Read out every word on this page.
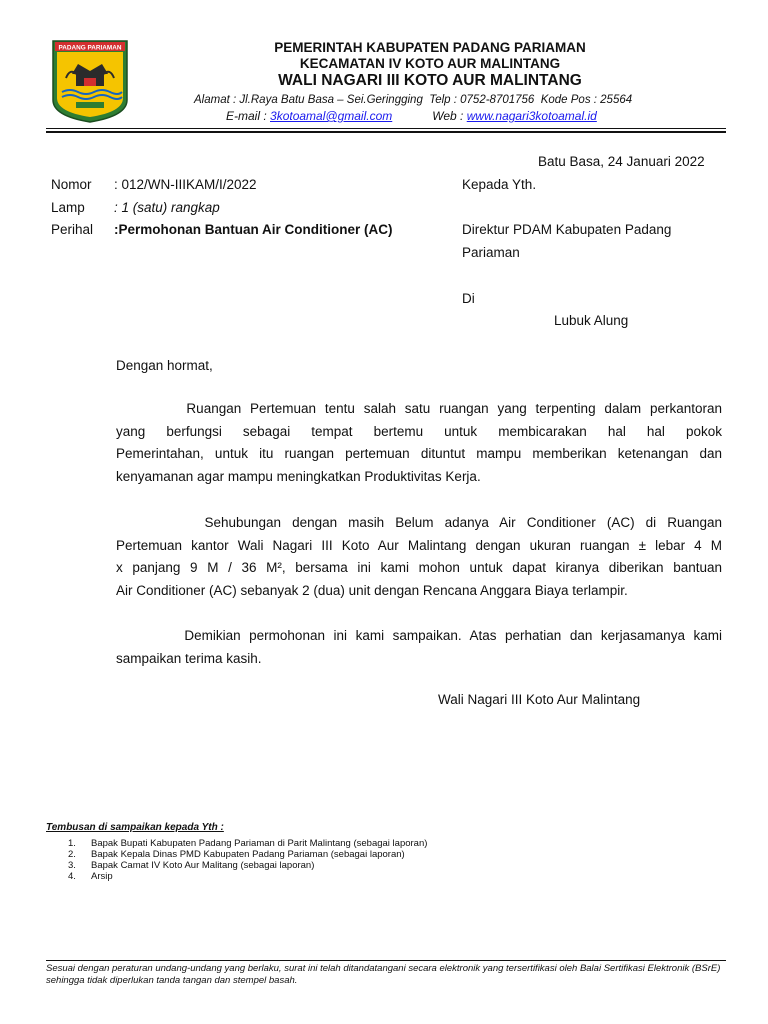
PADANG PARIAMAN	PEMERINTAH KABUPATEN PADANG PARIAMAN
KECAMATAN IV KOTO AUR MALINTANG
WALI NAGARI III KOTO AUR MALINTANG
Alamat : Jl.Raya Batu Basa – Sei.Geringging  Telp : 0752-8701756  Kode Pos : 25564
E-mail : 3kotoamal@gmail.com	Web : www.nagari3kotoamal.id
Batu Basa, 24 Januari 2022
Nomor : 012/WN-IIIKAM/I/2022
Lamp : 1 (satu) rangkap
Perihal :Permohonan Bantuan Air Conditioner (AC)
Kepada Yth.
Direktur PDAM Kabupaten Padang
Pariaman
Di
Lubuk Alung
Dengan hormat,
Ruangan Pertemuan tentu salah satu ruangan yang terpenting dalam perkantoran
yang berfungsi sebagai tempat bertemu untuk membicarakan hal hal pokok
Pemerintahan, untuk itu ruangan pertemuan dituntut mampu memberikan ketenangan dan
kenyamanan agar mampu meningkatkan Produktivitas Kerja.
Sehubungan dengan masih Belum adanya Air Conditioner (AC) di Ruangan
Pertemuan kantor Wali Nagari III Koto Aur Malintang dengan ukuran ruangan ± lebar 4 M
x panjang 9 M / 36 M², bersama ini kami mohon untuk dapat kiranya diberikan bantuan
Air Conditioner (AC) sebanyak 2 (dua) unit dengan Rencana Anggara Biaya terlampir.
Demikian permohonan ini kami sampaikan. Atas perhatian dan kerjasamanya kami
sampaikan terima kasih.
Wali Nagari III Koto Aur Malintang
Tembusan di sampaikan kepada Yth :
1.	Bapak Bupati Kabupaten Padang Pariaman di Parit Malintang (sebagai laporan)
2.	Bapak Kepala Dinas PMD Kabupaten Padang Pariaman (sebagai laporan)
3.	Bapak Camat IV Koto Aur Malitang (sebagai laporan)
4.	Arsip
Sesuai dengan peraturan undang-undang yang berlaku, surat ini telah ditandatangani secara elektronik yang tersertifikasi oleh Balai Sertifikasi Elektronik (BSrE) sehingga tidak diperlukan tanda tangan dan stempel basah.
